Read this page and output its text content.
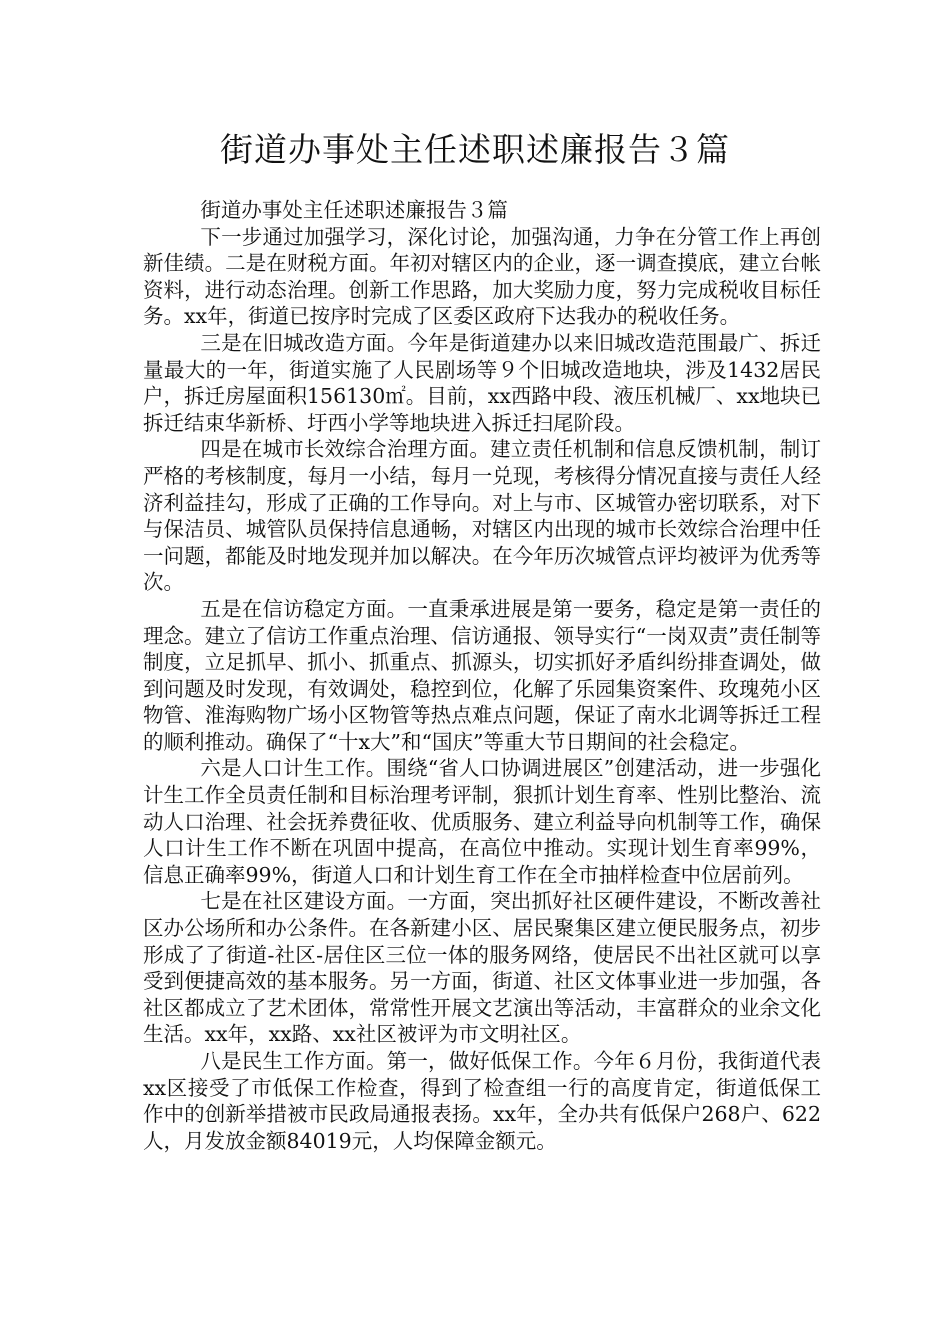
街道办事处主任述职述廉报告３篇

街道办事处主任述职述廉报告３篇

下一步通过加强学习，深化讨论，加强沟通，力争在分管工作上再创新佳绩。二是在财税方面。年初对辖区内的企业，逐一调查摸底，建立台帐资料，进行动态治理。创新工作思路，加大奖励力度，努力完成税收目标任务。xx年，街道已按序时完成了区委区政府下达我办的税收任务。

三是在旧城改造方面。今年是街道建办以来旧城改造范围最广、拆迁量最大的一年，街道实施了人民剧场等９个旧城改造地块，涉及1432居民户，拆迁房屋面积156130㎡。目前，xx西路中段、液压机械厂、xx地块已拆迁结束华新桥、圩西小学等地块进入拆迁扫尾阶段。

四是在城市长效综合治理方面。建立责任机制和信息反馈机制，制订严格的考核制度，每月一小结，每月一兑现，考核得分情况直接与责任人经济利益挂勾，形成了正确的工作导向。对上与市、区城管办密切联系，对下与保洁员、城管队员保持信息通畅，对辖区内出现的城市长效综合治理中任一问题，都能及时地发现并加以解决。在今年历次城管点评均被评为优秀等次。

五是在信访稳定方面。一直秉承进展是第一要务，稳定是第一责任的理念。建立了信访工作重点治理、信访通报、领导实行“一岗双责”责任制等制度，立足抓早、抓小、抓重点、抓源头，切实抓好矛盾纠纷排查调处，做到问题及时发现，有效调处，稳控到位，化解了乐园集资案件、玫瑰苑小区物管、淮海购物广场小区物管等热点难点问题，保证了南水北调等拆迁工程的顺利推动。确保了“十x大”和“国庆”等重大节日期间的社会稳定。

六是人口计生工作。围绕“省人口协调进展区”创建活动，进一步强化计生工作全员责任制和目标治理考评制，狠抓计划生育率、性别比整治、流动人口治理、社会抚养费征收、优质服务、建立利益导向机制等工作，确保人口计生工作不断在巩固中提高，在高位中推动。实现计划生育率99%，信息正确率99%，街道人口和计划生育工作在全市抽样检查中位居前列。

七是在社区建设方面。一方面，突出抓好社区硬件建设，不断改善社区办公场所和办公条件。在各新建小区、居民聚集区建立便民服务点，初步形成了了街道-社区-居住区三位一体的服务网络，使居民不出社区就可以享受到便捷高效的基本服务。另一方面，街道、社区文体事业进一步加强，各社区都成立了艺术团体，常常性开展文艺演出等活动，丰富群众的业余文化生活。xx年，xx路、xx社区被评为市文明社区。

八是民生工作方面。第一，做好低保工作。今年６月份，我街道代表xx区接受了市低保工作检查，得到了检查组一行的高度肯定，街道低保工作中的创新举措被市民政局通报表扬。xx年，全办共有低保户268户、622人，月发放金额84019元，人均保障金额元。
